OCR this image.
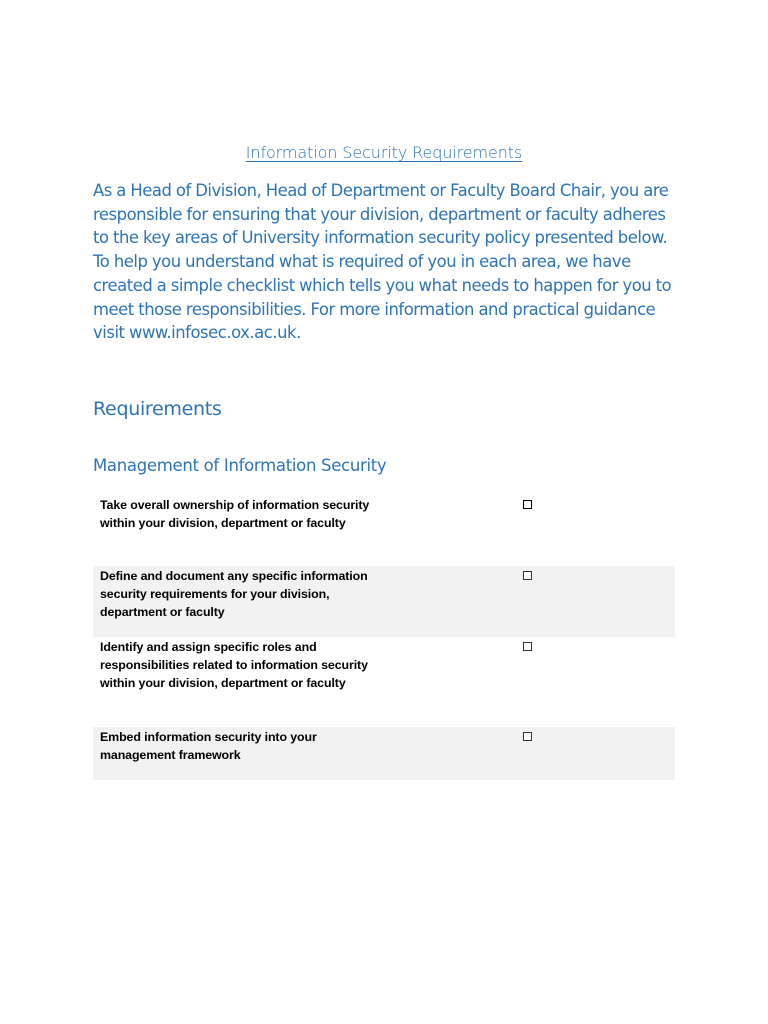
Information Security Requirements

As a Head of Division, Head of Department or Faculty Board Chair, you are responsible for ensuring that your division, department or faculty adheres to the key areas of University information security policy presented below. To help you understand what is required of you in each area, we have created a simple checklist which tells you what needs to happen for you to meet those responsibilities. For more information and practical guidance visit www.infosec.ox.ac.uk.

Requirements
Management of Information Security
Take overall ownership of information security within your division, department or faculty
Define and document any specific information security requirements for your division, department or faculty
Identify and assign specific roles and responsibilities related to information security within your division, department or faculty
Embed information security into your management framework
